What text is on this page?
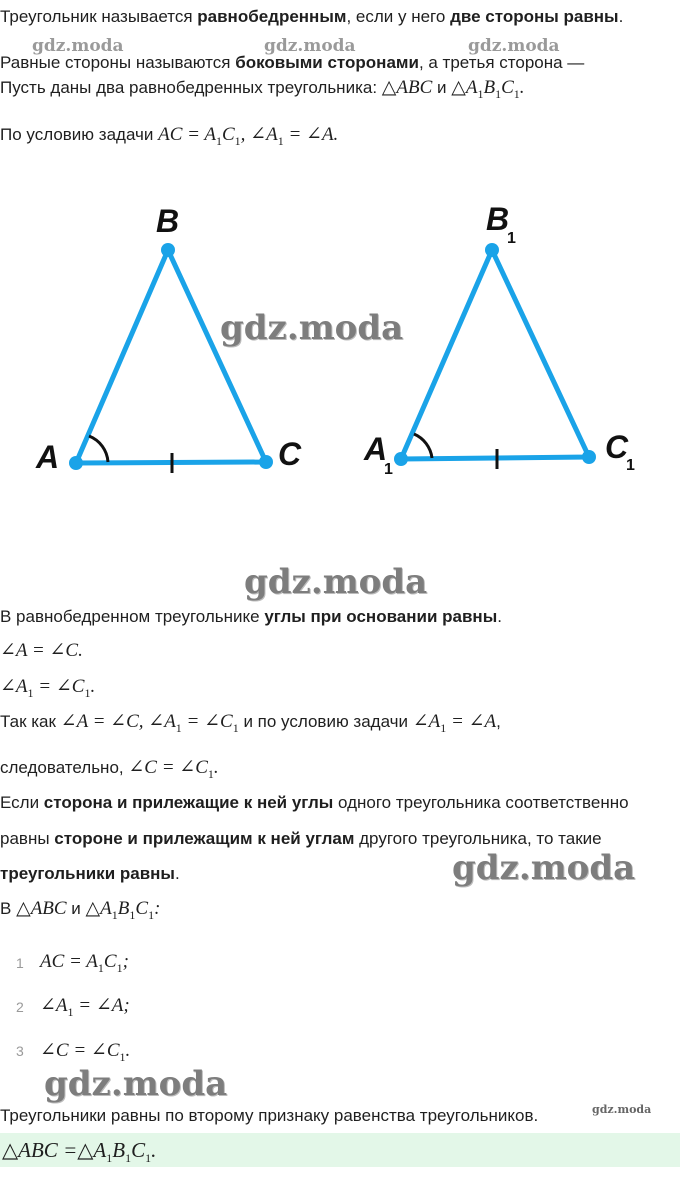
Треугольник называется равнобедренным, если у него две стороны равны.
gdz.moda	gdz.moda	gdz.moda
Равные стороны называются боковыми сторонами, а третья сторона —
Пусть даны два равнобедренных треугольника: △ABC и $\triangle A_1B_1C_1$.
По условию задачи AC = $A_1C_1$, $\angle A_1$ = ∠A.
A
B
C A
1
B
1
C
1
gdz.moda
gdz.moda
В равнобедренном треугольнике углы при основании равны.
∠A = ∠C.
$\angle A_1$ = $\angle C_1$.
Так как ∠A = ∠C, $\angle A_1$ = $\angle C_1$ и по условию задачи $\angle A_1$ = ∠A,
следовательно, ∠C = $\angle C_1$.
Если сторона и прилежащие к ней углы одного треугольника соответственно
равны стороне и прилежащим к ней углам другого треугольника, то такие
треугольники равны.	gdz.moda
В △ABC и $\triangle A_1B_1C_1$:
1 AC = $A_1C_1$;
2 $\angle A_1$ = ∠A;
3 ∠C = $\angle C_1$.
gdz.moda
Треугольники равны по второму признаку равенства треугольников.	gdz.moda
△ABC $=\triangle A_1B_1C_1$.
